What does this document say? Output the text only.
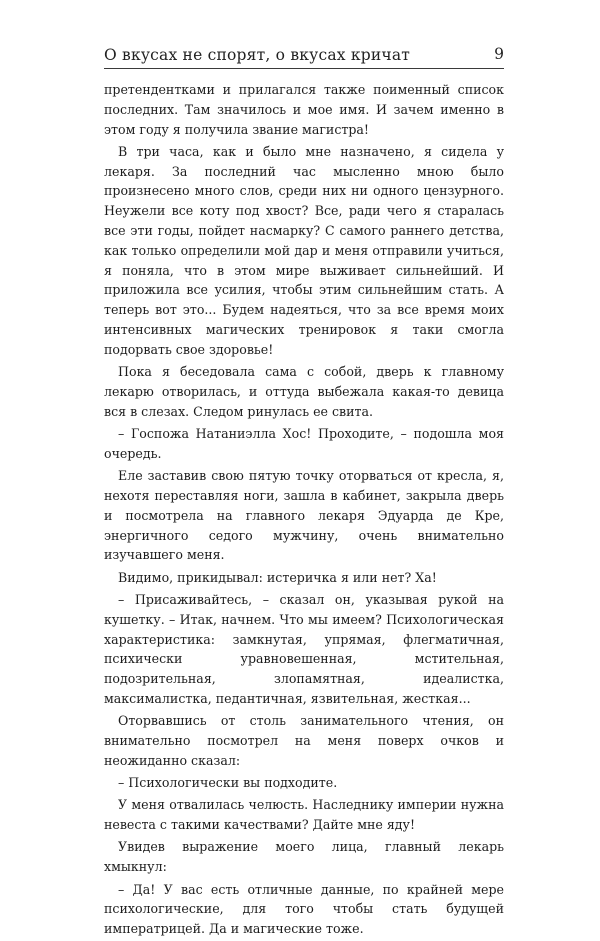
О вкусах не спорят, о вкусах кричат	9

претендентками и прилагался также поименный список последних. Там значилось и мое имя. И зачем именно в этом году я получила звание магистра!

В три часа, как и было мне назначено, я сидела у лекаря. За последний час мысленно мною было произнесено много слов, среди них ни одного цензурного. Неужели все коту под хвост? Все, ради чего я старалась все эти годы, пойдет насмарку? С самого раннего детства, как только определили мой дар и меня отправили учиться, я поняла, что в этом мире выживает сильнейший. И приложила все усилия, чтобы этим сильнейшим стать. А теперь вот это... Будем надеяться, что за все время моих интенсивных магических тренировок я таки смогла подорвать свое здоровье!

Пока я беседовала сама с собой, дверь к главному лекарю отворилась, и оттуда выбежала какая-то девица вся в слезах. Следом ринулась ее свита.

– Госпожа Натаниэлла Хос! Проходите, – подошла моя очередь.

Еле заставив свою пятую точку оторваться от кресла, я, нехотя переставляя ноги, зашла в кабинет, закрыла дверь и посмотрела на главного лекаря Эдуарда де Кре, энергичного седого мужчину, очень внимательно изучавшего меня.

Видимо, прикидывал: истеричка я или нет? Ха!

– Присаживайтесь, – сказал он, указывая рукой на кушетку. – Итак, начнем. Что мы имеем? Психологическая характеристика: замкнутая, упрямая, флегматичная, психически уравновешенная, мстительная, подозрительная, злопамятная, идеалистка, максималистка, педантичная, язвительная, жесткая...

Оторвавшись от столь занимательного чтения, он внимательно посмотрел на меня поверх очков и неожиданно сказал:

– Психологически вы подходите.

У меня отвалилась челюсть. Наследнику империи нужна невеста с такими качествами? Дайте мне яду!

Увидев выражение моего лица, главный лекарь хмыкнул:

– Да! У вас есть отличные данные, по крайней мере психологические, для того чтобы стать будущей императрицей. Да и магические тоже.
